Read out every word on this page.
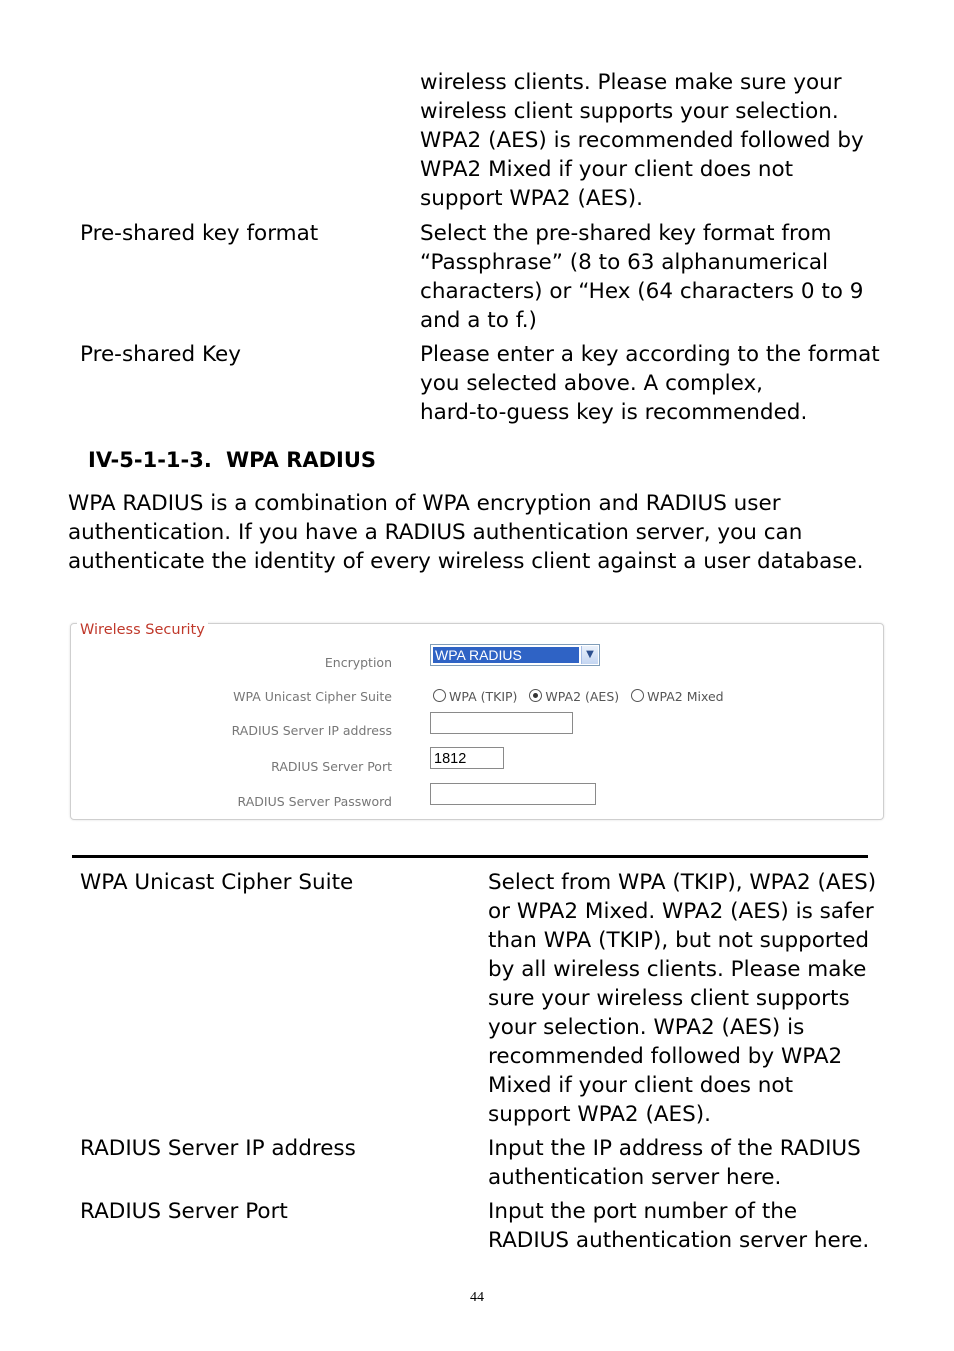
wireless clients. Please make sure your
wireless client supports your selection.
WPA2 (AES) is recommended followed by
WPA2 Mixed if your client does not
support WPA2 (AES).
Pre-shared key format	Select the pre-shared key format from
“Passphrase” (8 to 63 alphanumerical
characters) or “Hex (64 characters 0 to 9
and a to f.)
Pre-shared Key	Please enter a key according to the format
you selected above. A complex,
hard-to-guess key is recommended.
IV-5-1-1-3. WPA RADIUS
WPA RADIUS is a combination of WPA encryption and RADIUS user
authentication. If you have a RADIUS authentication server, you can
authenticate the identity of every wireless client against a user database.
Wireless Security
Encryption	WPA RADIUS	▼
WPA Unicast Cipher Suite	WPA (TKIP) WPA2 (AES) WPA2 Mixed
RADIUS Server IP address
RADIUS Server Port	1812
RADIUS Server Password
WPA Unicast Cipher Suite	Select from WPA (TKIP), WPA2 (AES)
or WPA2 Mixed. WPA2 (AES) is safer
than WPA (TKIP), but not supported
by all wireless clients. Please make
sure your wireless client supports
your selection. WPA2 (AES) is
recommended followed by WPA2
Mixed if your client does not
support WPA2 (AES).
RADIUS Server IP address	Input the IP address of the RADIUS
authentication server here.
RADIUS Server Port	Input the port number of the
RADIUS authentication server here.
44
